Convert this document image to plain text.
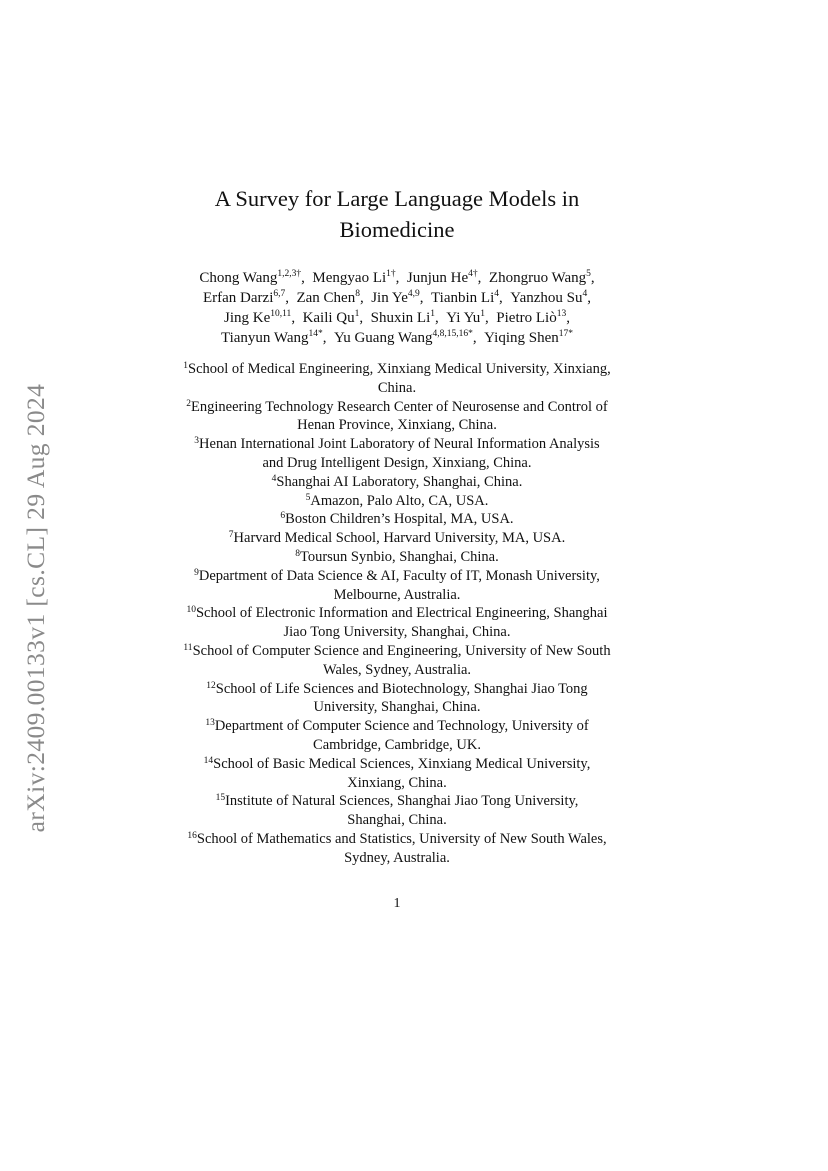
arXiv:2409.00133v1 [cs.CL] 29 Aug 2024
A Survey for Large Language Models in
Biomedicine
Chong Wang$^{1,2,3\dagger}$,  Mengyao $Li^{1\dagger}$,  Junjun $He^{4\dagger}$,  Zhongruo Wang$^5$,
Erfan Darzi$^{6,7}$,  Zan Chen$^8$,  Jin Ye$^{4,9}$,  Tianbin Li$^4$,  Yanzhou Su$^4$,
Jing Ke$^{10,11}$,  Kaili Qu$^1$,  Shuxin Li$^1$,  Yi Yu$^1$,  Pietro Liò$^{13}$,
Tianyun Wang$^{14*}$,  Yu Guang Wang$^{4,8,15,16*}$,  Yiqing Shen$^{17*}$
$^1$School of Medical Engineering, Xinxiang Medical University, Xinxiang,
China.
$^2$Engineering Technology Research Center of Neurosense and Control of
Henan Province, Xinxiang, China.
$^3$Henan International Joint Laboratory of Neural Information Analysis
and Drug Intelligent Design, Xinxiang, China.
$^4$Shanghai AI Laboratory, Shanghai, China.
$^5$Amazon, Palo Alto, CA, USA.
$^6$Boston Children’s Hospital, MA, USA.
$^7$Harvard Medical School, Harvard University, MA, USA.
$^8$Toursun Synbio, Shanghai, China.
$^9$Department of Data Science & AI, Faculty of IT, Monash University,
Melbourne, Australia.
$^{10}$School of Electronic Information and Electrical Engineering, Shanghai
Jiao Tong University, Shanghai, China.
$^{11}$School of Computer Science and Engineering, University of New South
Wales, Sydney, Australia.
$^{12}$School of Life Sciences and Biotechnology, Shanghai Jiao Tong
University, Shanghai, China.
$^{13}$Department of Computer Science and Technology, University of
Cambridge, Cambridge, UK.
$^{14}$School of Basic Medical Sciences, Xinxiang Medical University,
Xinxiang, China.
$^{15}$Institute of Natural Sciences, Shanghai Jiao Tong University,
Shanghai, China.
$^{16}$School of Mathematics and Statistics, University of New South Wales,
Sydney, Australia.
1
